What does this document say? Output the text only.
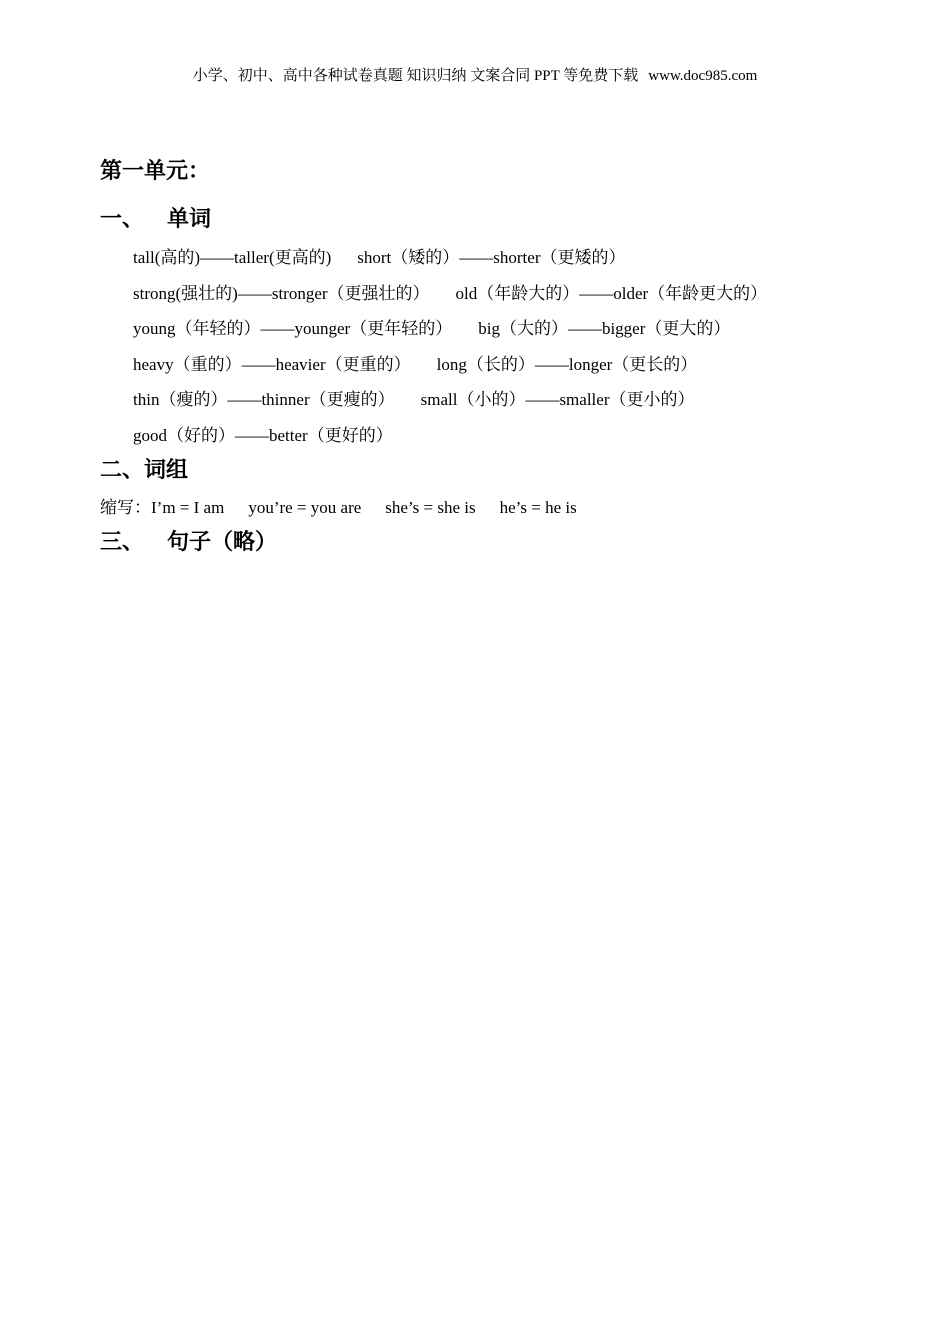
小学、初中、高中各种试卷真题 知识归纳 文案合同 PPT 等免费下载 www.doc985.com
第一单元：
一、 单词
tall(高的)——taller(更高的) short（矮的）——shorter（更矮的）
strong(强壮的)——stronger（更强壮的） old（年龄大的）——older（年龄更大的）
young（年轻的）——younger（更年轻的） big（大的）——bigger（更大的）
heavy（重的）——heavier（更重的） long（长的）——longer（更长的）
thin（瘦的）——thinner（更瘦的） small（小的）——smaller（更小的）
good（好的）——better（更好的）
二、词组
缩写：I’m = I am you’re = you are she’s = she is he’s = he is
三、 句子（略）
